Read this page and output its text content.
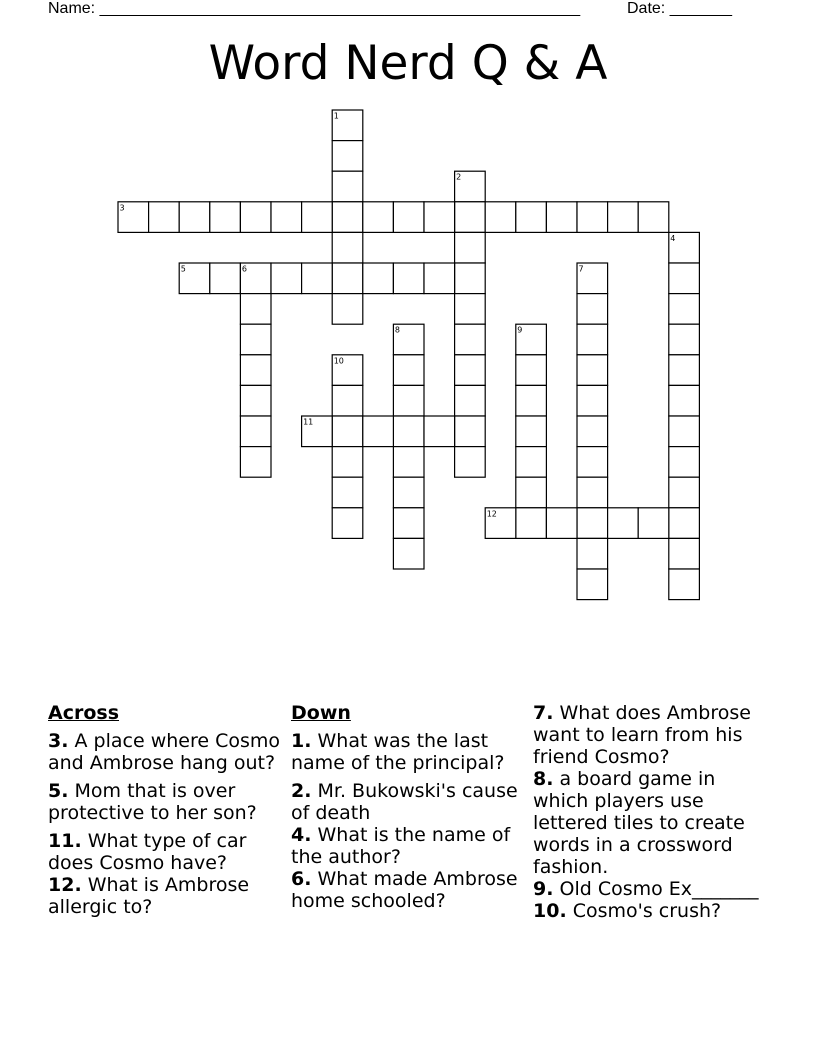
Name: ______________________________________________________	Date: _______
Word Nerd Q & A
1
2
3
4
5	6	7
8	9
10
11
12
Across
3. A place where Cosmo and Ambrose hang out?
5. Mom that is over protective to her son?
11. What type of car does Cosmo have?
12. What is Ambrose allergic to?
Down
1. What was the last name of the principal?
2. Mr. Bukowski's cause of death
4. What is the name of the author?
6. What made Ambrose home schooled?
7. What does Ambrose want to learn from his friend Cosmo?
8. a board game in which players use lettered tiles to create words in a crossword fashion.
9. Old Cosmo Ex_______
10. Cosmo's crush?
